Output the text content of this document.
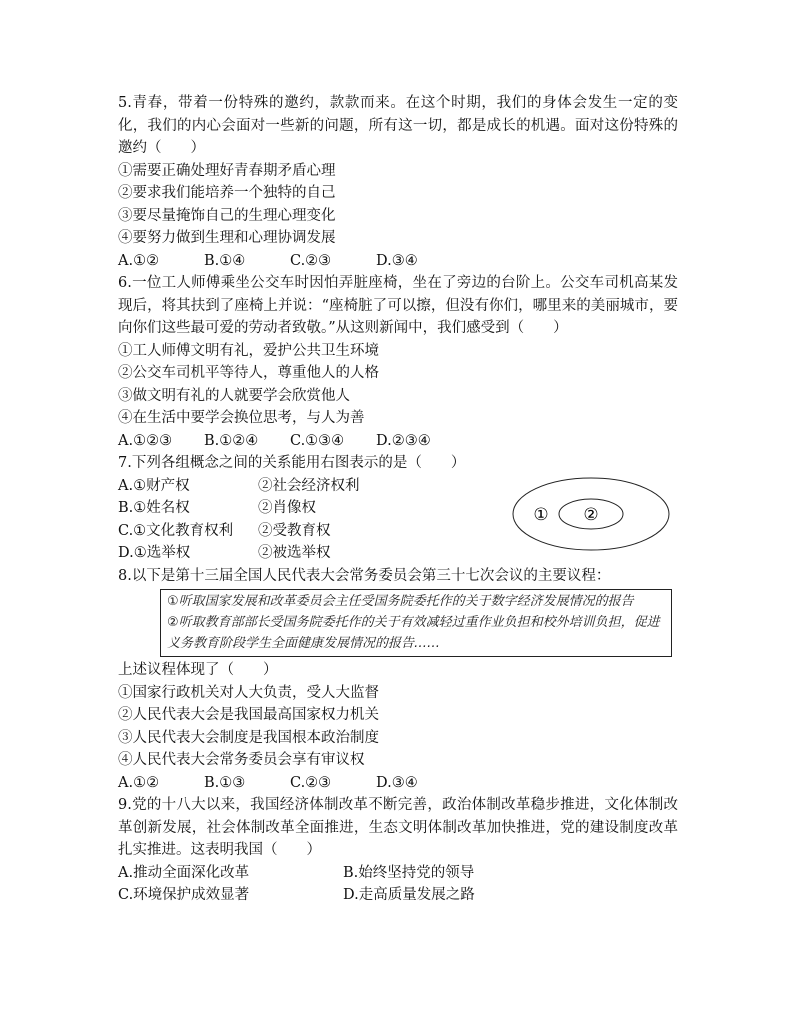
5.青春，带着一份特殊的邀约，款款而来。在这个时期，我们的身体会发生一定的变化，我们的内心会面对一些新的问题，所有这一切，都是成长的机遇。面对这份特殊的邀约（　　）

①需要正确处理好青春期矛盾心理

②要求我们能培养一个独特的自己

③要尽量掩饰自己的生理心理变化

④要努力做到生理和心理协调发展

A.①②	B.①④	C.②③	D.③④

6.一位工人师傅乘坐公交车时因怕弄脏座椅，坐在了旁边的台阶上。公交车司机高某发现后，将其扶到了座椅上并说：“座椅脏了可以擦，但没有你们，哪里来的美丽城市，要向你们这些最可爱的劳动者致敬。”从这则新闻中，我们感受到（　　）

①工人师傅文明有礼，爱护公共卫生环境

②公交车司机平等待人，尊重他人的人格

③做文明有礼的人就要学会欣赏他人

④在生活中要学会换位思考，与人为善

A.①②③ B.①②④ C.①③④ D.②③④

7.下列各组概念之间的关系能用右图表示的是（　　）

A.①财产权	②社会经济权利

B.①姓名权	②肖像权

C.①文化教育权利 ②受教育权

D.①选举权	②被选举权

① ②

8.以下是第十三届全国人民代表大会常务委员会第三十七次会议的主要议程：

①听取国家发展和改革委员会主任受国务院委托作的关于数字经济发展情况的报告

②听取教育部部长受国务院委托作的关于有效减轻过重作业负担和校外培训负担，促进义务教育阶段学生全面健康发展情况的报告……

上述议程体现了（　　）

①国家行政机关对人大负责，受人大监督

②人民代表大会是我国最高国家权力机关

③人民代表大会制度是我国根本政治制度

④人民代表大会常务委员会享有审议权

A.①②	B.①③	C.②③	D.③④

9.党的十八大以来，我国经济体制改革不断完善，政治体制改革稳步推进，文化体制改革创新发展，社会体制改革全面推进，生态文明体制改革加快推进，党的建设制度改革扎实推进。这表明我国（　　）

A.推动全面深化改革	B.始终坚持党的领导

C.环境保护成效显著	D.走高质量发展之路
